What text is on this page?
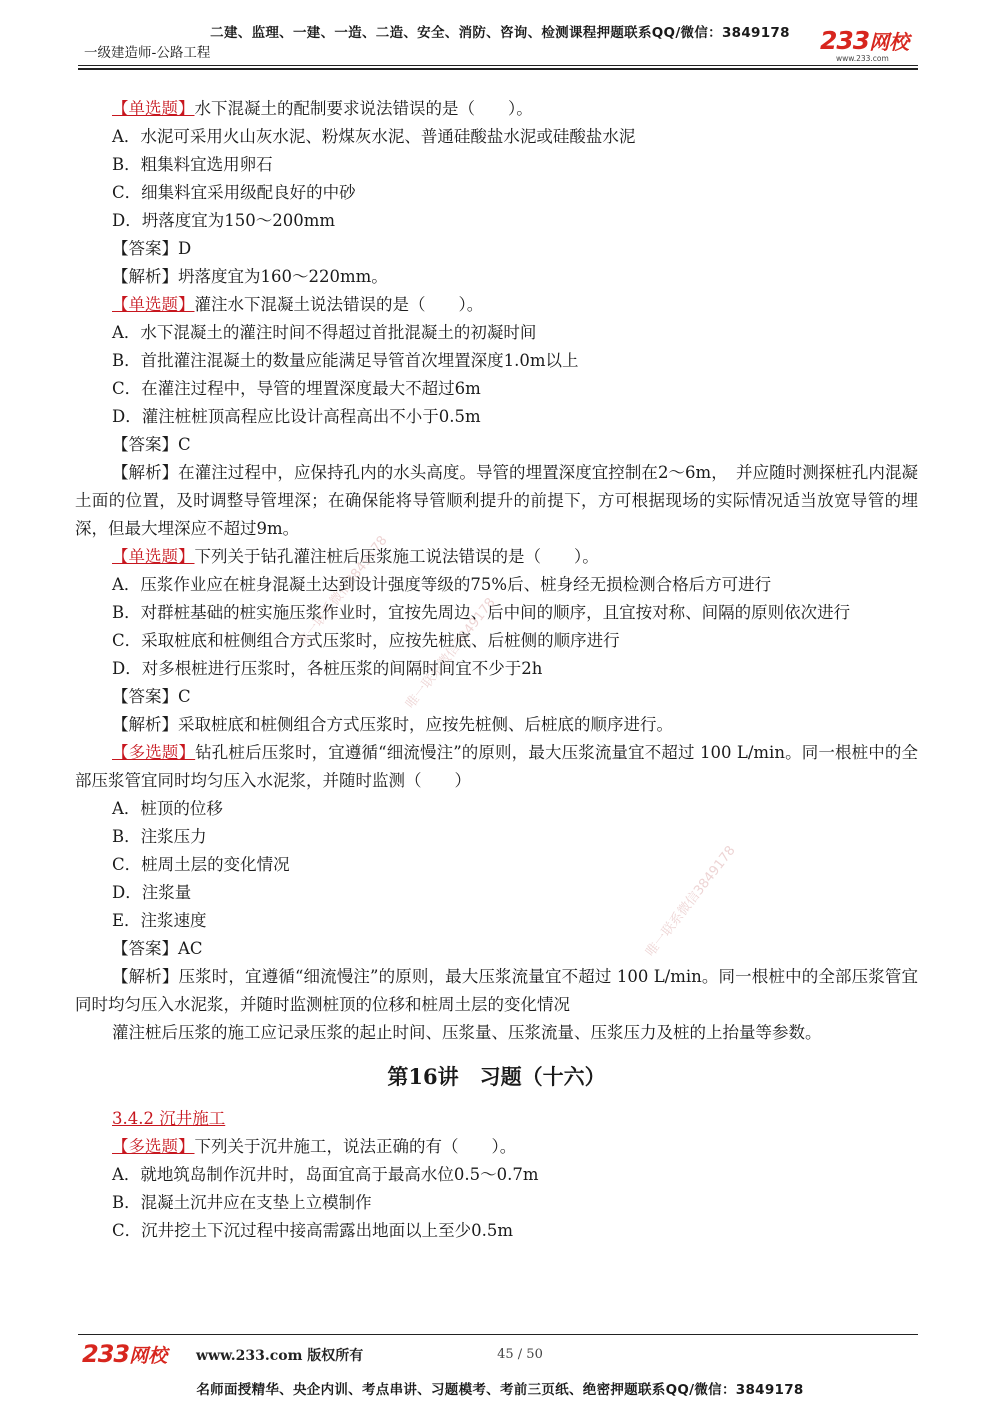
二建、监理、一建、一造、二造、安全、消防、咨询、检测课程押题联系QQ/微信：3849178
一级建造师-公路工程	233网校
www.233.com
唯一联系微信3849178
唯一联系微信3849178
唯一联系微信3849178
【单选题】水下混凝土的配制要求说法错误的是（　　）。
A．水泥可采用火山灰水泥、粉煤灰水泥、普通硅酸盐水泥或硅酸盐水泥
B．粗集料宜选用卵石
C．细集料宜采用级配良好的中砂
D．坍落度宜为150～200mm
【答案】D
【解析】坍落度宜为160～220mm。
【单选题】灌注水下混凝土说法错误的是（　　）。
A．水下混凝土的灌注时间不得超过首批混凝土的初凝时间
B．首批灌注混凝土的数量应能满足导管首次埋置深度1.0m以上
C．在灌注过程中，导管的埋置深度最大不超过6m
D．灌注桩桩顶高程应比设计高程高出不小于0.5m
【答案】C
【解析】在灌注过程中，应保持孔内的水头高度。导管的埋置深度宜控制在2～6m，　并应随时测探桩孔内混凝土面的位置，及时调整导管埋深；在确保能将导管顺利提升的前提下，方可根据现场的实际情况适当放宽导管的埋深，但最大埋深应不超过9m。
【单选题】下列关于钻孔灌注桩后压浆施工说法错误的是（　　）。
A．压浆作业应在桩身混凝土达到设计强度等级的75%后、桩身经无损检测合格后方可进行
B．对群桩基础的桩实施压浆作业时，宜按先周边、后中间的顺序，且宜按对称、间隔的原则依次进行
C．采取桩底和桩侧组合方式压浆时，应按先桩底、后桩侧的顺序进行
D．对多根桩进行压浆时，各桩压浆的间隔时间宜不少于2h
【答案】C
【解析】采取桩底和桩侧组合方式压浆时，应按先桩侧、后桩底的顺序进行。
【多选题】钻孔桩后压浆时，宜遵循“细流慢注”的原则，最大压浆流量宜不超过 100 L/min。同一根桩中的全部压浆管宜同时均匀压入水泥浆，并随时监测（　　）
A．桩顶的位移
B．注浆压力
C．桩周土层的变化情况
D．注浆量
E．注浆速度
【答案】AC
【解析】压浆时，宜遵循“细流慢注”的原则，最大压浆流量宜不超过 100 L/min。同一根桩中的全部压浆管宜同时均匀压入水泥浆，并随时监测桩顶的位移和桩周土层的变化情况
灌注桩后压浆的施工应记录压浆的起止时间、压浆量、压浆流量、压浆压力及桩的上抬量等参数。
第16讲　习题（十六）
3.4.2 沉井施工
【多选题】下列关于沉井施工，说法正确的有（　　）。
A．就地筑岛制作沉井时，岛面宜高于最高水位0.5～0.7m
B．混凝土沉井应在支垫上立模制作
C．沉井挖土下沉过程中接高需露出地面以上至少0.5m
233网校 www.233.com 版权所有	45 / 50
名师面授精华、央企内训、考点串讲、习题模考、考前三页纸、绝密押题联系QQ/微信：3849178
